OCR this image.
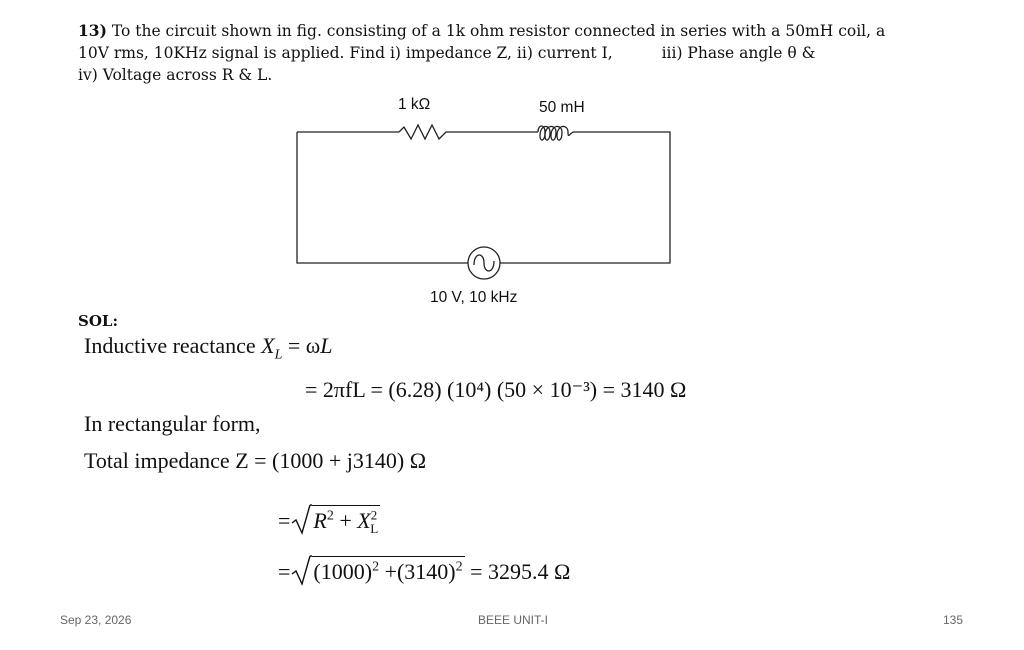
13) To the circuit shown in fig. consisting of a 1k ohm resistor connected in series with a 50mH coil, a 10V rms, 10KHz signal is applied. Find i) impedance Z, ii) current I,	iii) Phase angle θ &
iv) Voltage across R & L.
1 kΩ	50 mH
10 V, 10 kHz
SOL:
Inductive reactance $X_L = \omega L$
= 2πfL = (6.28) (10⁴) (50 × 10⁻³) = 3140 Ω
In rectangular form,
Total impedance Z = (1000 + j3140) Ω
= $R^2 + X^2_L$
= $(1000)^2 +(3140)^2 = 3295.4$ Ω
Sep 23, 2026	BEEE UNIT-I	135
